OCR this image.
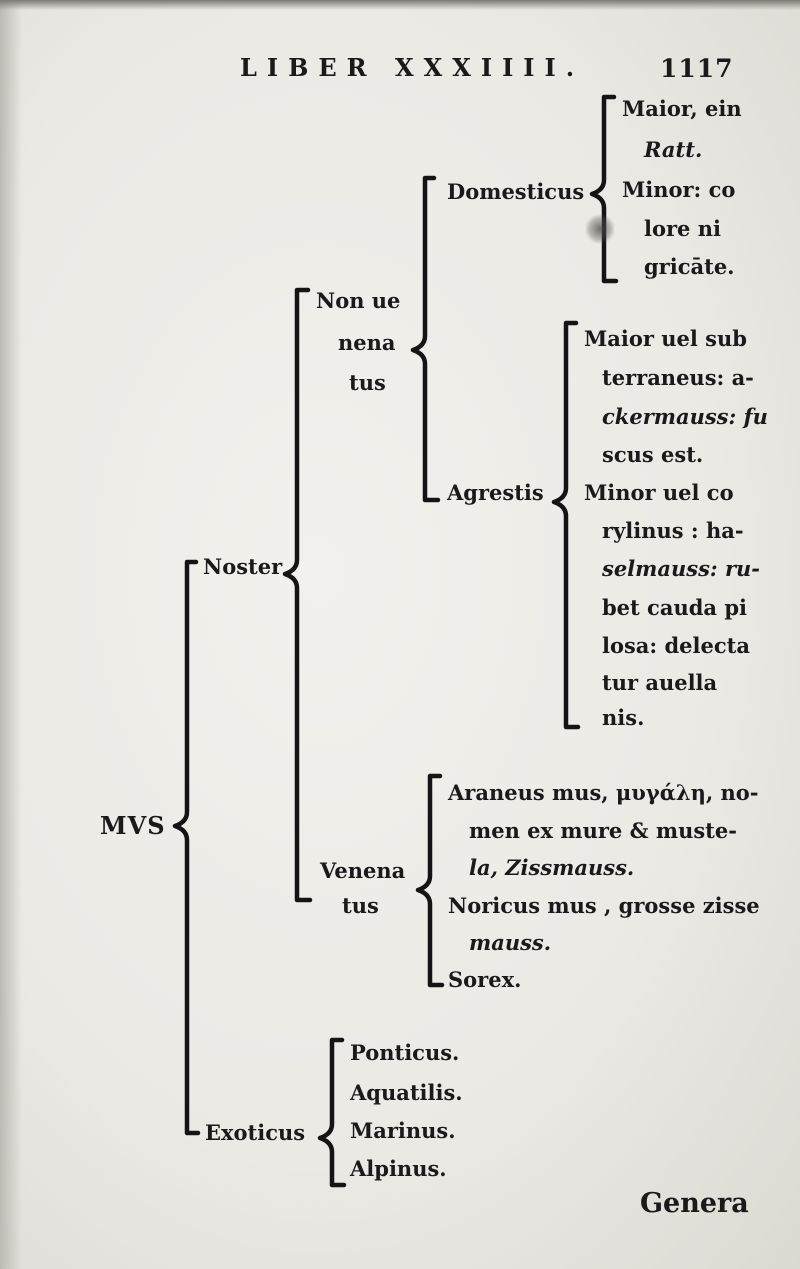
LIBER XXXIIII.	1117
MVS
Noster
Non ue
nena
tus
Domesticus
Maior, ein
Ratt.
Minor: co
lore ni
gricāte.
Agrestis
Maior uel sub
terraneus: a-
ckermauss: fu
scus est.
Minor uel co
rylinus : ha-
selmauss: ru-
bet cauda pi
losa: delecta
tur auella
nis.
Venena
tus
Araneus mus, μυγάλη, no-
men ex mure & muste-
la, Zissmauss.
Noricus mus , grosse zisse
mauss.
Sorex.
Exoticus
Ponticus.
Aquatilis.
Marinus.
Alpinus.
Genera
